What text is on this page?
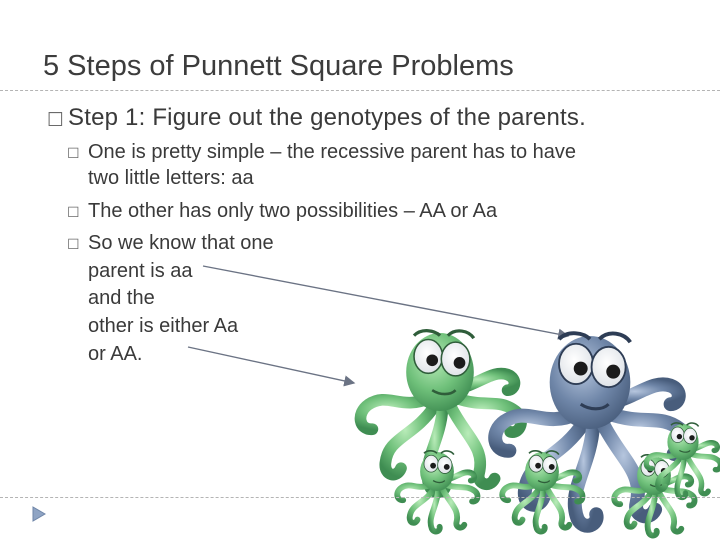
5 Steps of Punnett Square Problems
☐ Step 1: Figure out the genotypes of the parents.
☐ One is pretty simple – the recessive parent has to have
two little letters: aa
☐ The other has only two possibilities – AA or Aa
☐ So we know that one
parent is aa
and the
other is either Aa
or AA.
